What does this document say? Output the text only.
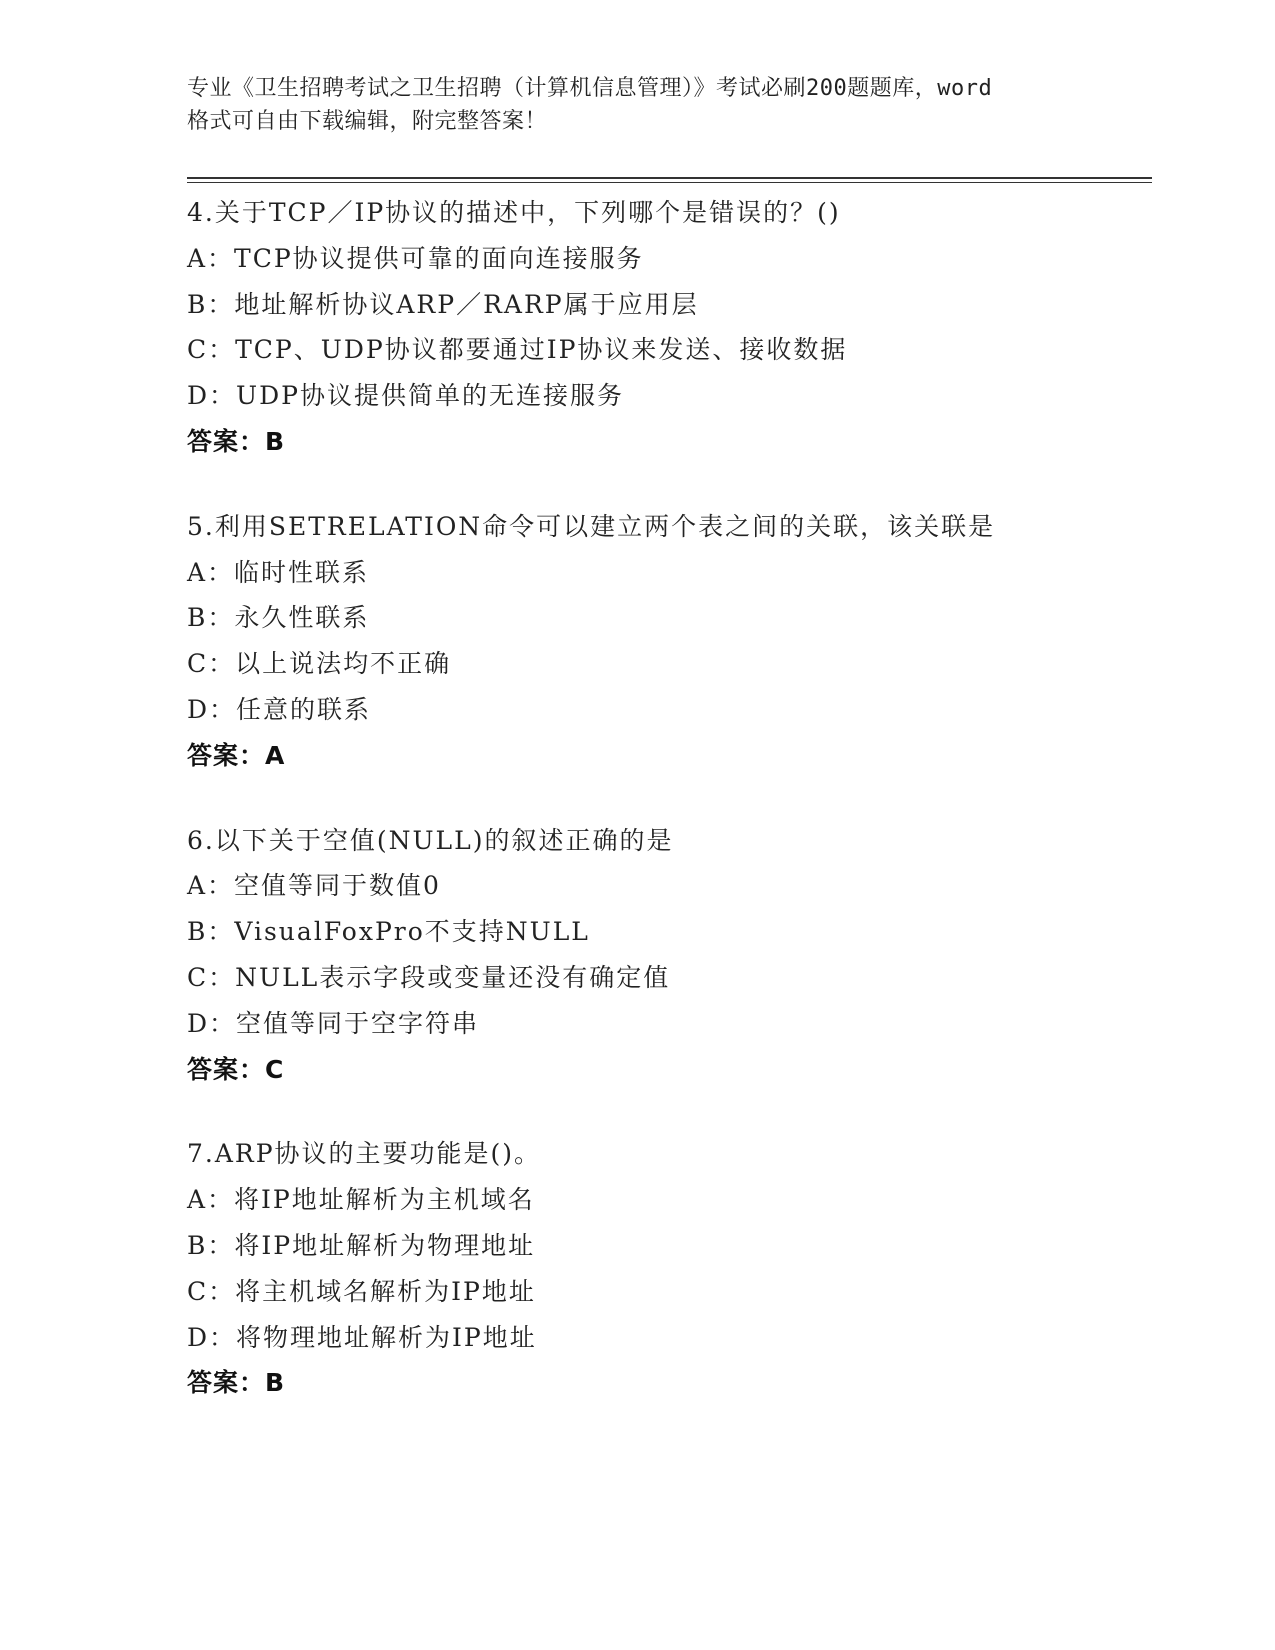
专业《卫生招聘考试之卫生招聘（计算机信息管理）》考试必刷200题题库，word

格式可自由下载编辑，附完整答案！

4.关于TCP／IP协议的描述中，下列哪个是错误的？()
A：TCP协议提供可靠的面向连接服务
B：地址解析协议ARP／RARP属于应用层
C：TCP、UDP协议都要通过IP协议来发送、接收数据
D：UDP协议提供简单的无连接服务
答案：B
5.利用SETRELATION命令可以建立两个表之间的关联，该关联是
A：临时性联系
B：永久性联系
C：以上说法均不正确
D：任意的联系
答案：A
6.以下关于空值(NULL)的叙述正确的是
A：空值等同于数值0
B：VisualFoxPro不支持NULL
C：NULL表示字段或变量还没有确定值
D：空值等同于空字符串
答案：C
7.ARP协议的主要功能是()。
A：将IP地址解析为主机域名
B：将IP地址解析为物理地址
C：将主机域名解析为IP地址
D：将物理地址解析为IP地址
答案：B
